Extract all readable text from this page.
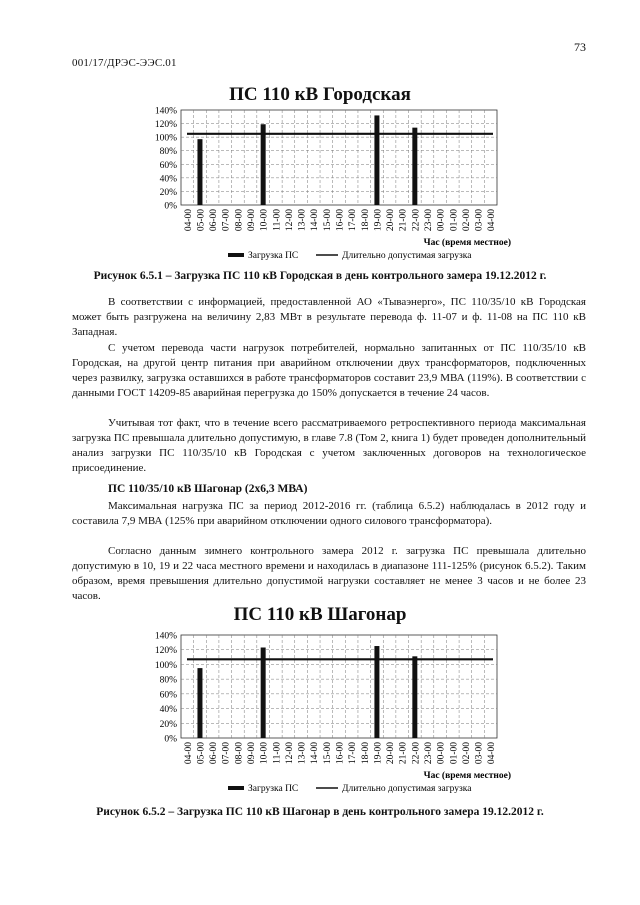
73
001/17/ДРЭС-ЭЭС.01
ПС 110 кВ Городская
0%
20%
40%
60%
80%
100%
120%
140%
04-00 05-00 06-00 07-00 08-00 09-00 10-00 11-00 12-00 13-00 14-00 15-00 16-00 17-00 18-00 19-00 20-00 21-00 22-00 23-00 00-00 01-00 02-00 03-00 04-00
Час (время местное)
Загрузка ПС	Длительно допустимая загрузка
Рисунок 6.5.1 – Загрузка ПС 110 кВ Городская в день контрольного замера 19.12.2012 г.
В соответствии с информацией, предоставленной АО «Тываэнерго», ПС 110/35/10 кВ Городская может быть разгружена на величину 2,83 МВт в результате перевода ф. 11-07 и ф. 11-08 на ПС 110 кВ Западная.
С учетом перевода части нагрузок потребителей, нормально запитанных от ПС 110/35/10 кВ Городская, на другой центр питания при аварийном отключении двух трансформаторов, подключенных через развилку, загрузка оставшихся в работе трансформаторов составит 23,9 МВА (119%). В соответствии с данными ГОСТ 14209-85 аварийная перегрузка до 150% допускается в течение 24 часов.
Учитывая тот факт, что в течение всего рассматриваемого ретроспективного периода максимальная загрузка ПС превышала длительно допустимую, в главе 7.8 (Том 2, книга 1) будет проведен дополнительный анализ загрузки ПС 110/35/10 кВ Городская с учетом заключенных договоров на технологическое присоединение.
ПС 110/35/10 кВ Шагонар (2х6,3 МВА)
Максимальная нагрузка ПС за период 2012-2016 гг. (таблица 6.5.2) наблюдалась в 2012 году и составила 7,9 МВА (125% при аварийном отключении одного силового трансформатора).
Согласно данным зимнего контрольного замера 2012 г. загрузка ПС превышала длительно допустимую в 10, 19 и 22 часа местного времени и находилась в диапазоне 111-125% (рисунок 6.5.2). Таким образом, время превышения длительно допустимой нагрузки составляет не менее 3 часов и не более 23 часов.
ПС 110 кВ Шагонар
0%
20%
40%
60%
80%
100%
120%
140%
04-00 05-00 06-00 07-00 08-00 09-00 10-00 11-00 12-00 13-00 14-00 15-00 16-00 17-00 18-00 19-00 20-00 21-00 22-00 23-00 00-00 01-00 02-00 03-00 04-00
Час (время местное)
Загрузка ПС	Длительно допустимая загрузка
Рисунок 6.5.2 – Загрузка ПС 110 кВ Шагонар в день контрольного замера 19.12.2012 г.
